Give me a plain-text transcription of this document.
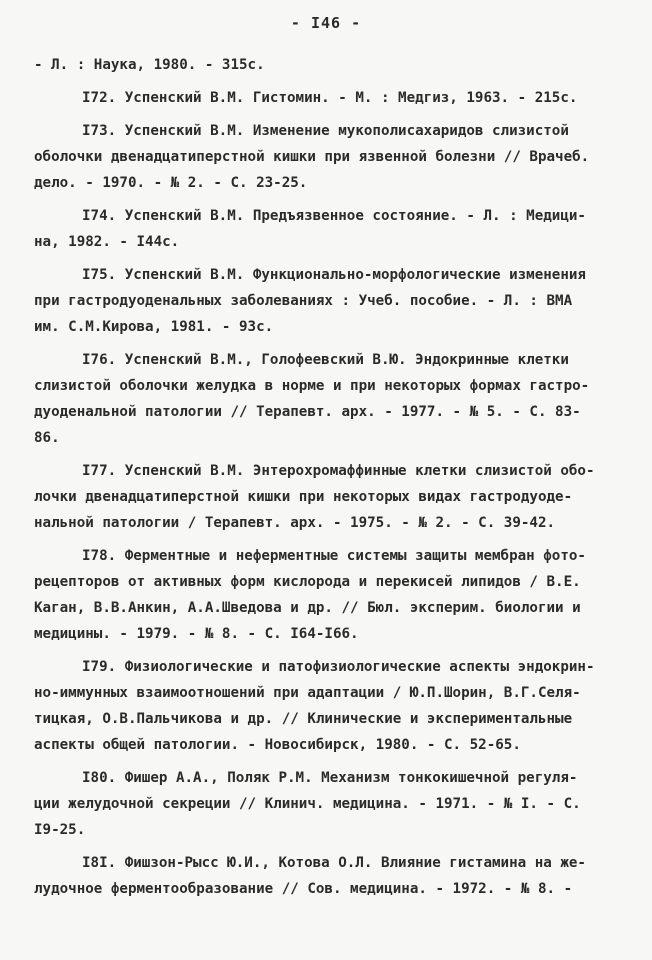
- I46 -
- Л. : Наука, 1980. - 315с.
I72. Успенский В.М. Гистомин. - М. : Медгиз, 1963. - 215с.
I73. Успенский В.М. Изменение мукополисахаридов слизистой
оболочки двенадцатиперстной кишки при язвенной болезни // Врачеб.
дело. - 1970. - № 2. - С. 23-25.
I74. Успенский В.М. Предъязвенное состояние. - Л. : Медици-
на, 1982. - I44с.
I75. Успенский В.М. Функционально-морфологические изменения
при гастродуоденальных заболеваниях : Учеб. пособие. - Л. : ВМА
им. С.М.Кирова, 1981. - 93с.
I76. Успенский В.М., Голофеевский В.Ю. Эндокринные клетки
слизистой оболочки желудка в норме и при некоторых формах гастро-
дуоденальной патологии // Терапевт. арх. - 1977. - № 5. - С. 83-
86.
I77. Успенский В.М. Энтерохромаффинные клетки слизистой обо-
лочки двенадцатиперстной кишки при некоторых видах гастродуоде-
нальной патологии / Терапевт. арх. - 1975. - № 2. - С. 39-42.
I78. Ферментные и неферментные системы защиты мембран фото-
рецепторов от активных форм кислорода и перекисей липидов / В.Е.
Каган, В.В.Анкин, А.А.Шведова и др. // Бюл. эксперим. биологии и
медицины. - 1979. - № 8. - С. I64-I66.
I79. Физиологические и патофизиологические аспекты эндокрин-
но-иммунных взаимоотношений при адаптации / Ю.П.Шорин, В.Г.Селя-
тицкая, О.В.Пальчикова и др. // Клинические и экспериментальные
аспекты общей патологии. - Новосибирск, 1980. - С. 52-65.
I80. Фишер А.А., Поляк Р.М. Механизм тонкокишечной регуля-
ции желудочной секреции // Клинич. медицина. - 1971. - № I. - С.
I9-25.
I8I. Фишзон-Рысс Ю.И., Котова О.Л. Влияние гистамина на же-
лудочное ферментообразование // Сов. медицина. - 1972. - № 8. -
